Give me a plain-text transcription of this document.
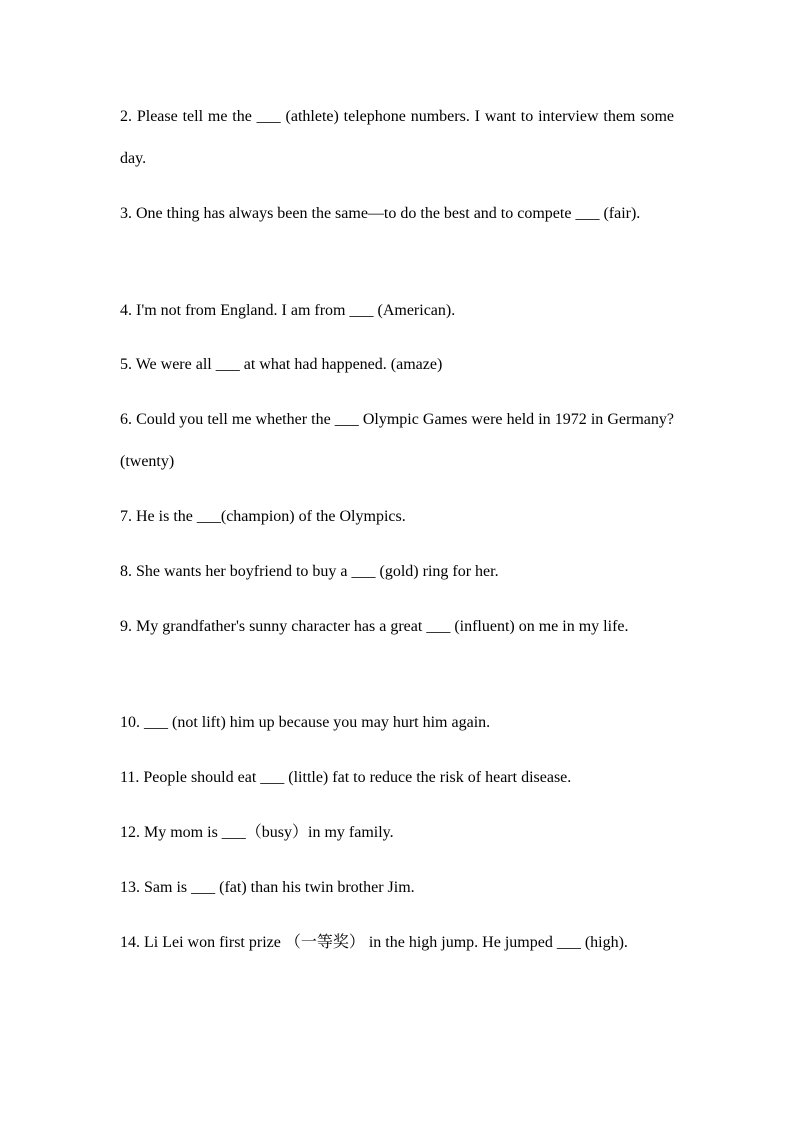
2. Please tell me the ___ (athlete) telephone numbers. I want to interview them some day.

3. One thing has always been the same—to do the best and to compete ___ (fair).

4. I'm not from England. I am from ___ (American).

5. We were all ___ at what had happened. (amaze)

6. Could you tell me whether the ___ Olympic Games were held in 1972 in Germany? (twenty)

7. He is the ___(champion) of the Olympics.

8. She wants her boyfriend to buy a ___ (gold) ring for her.

9. My grandfather's sunny character has a great ___ (influent) on me in my life.

10. ___ (not lift) him up because you may hurt him again.

11. People should eat ___ (little) fat to reduce the risk of heart disease.

12. My mom is ___（busy）in my family.

13. Sam is ___ (fat) than his twin brother Jim.

14. Li Lei won first prize （一等奖） in the high jump. He jumped ___ (high).
